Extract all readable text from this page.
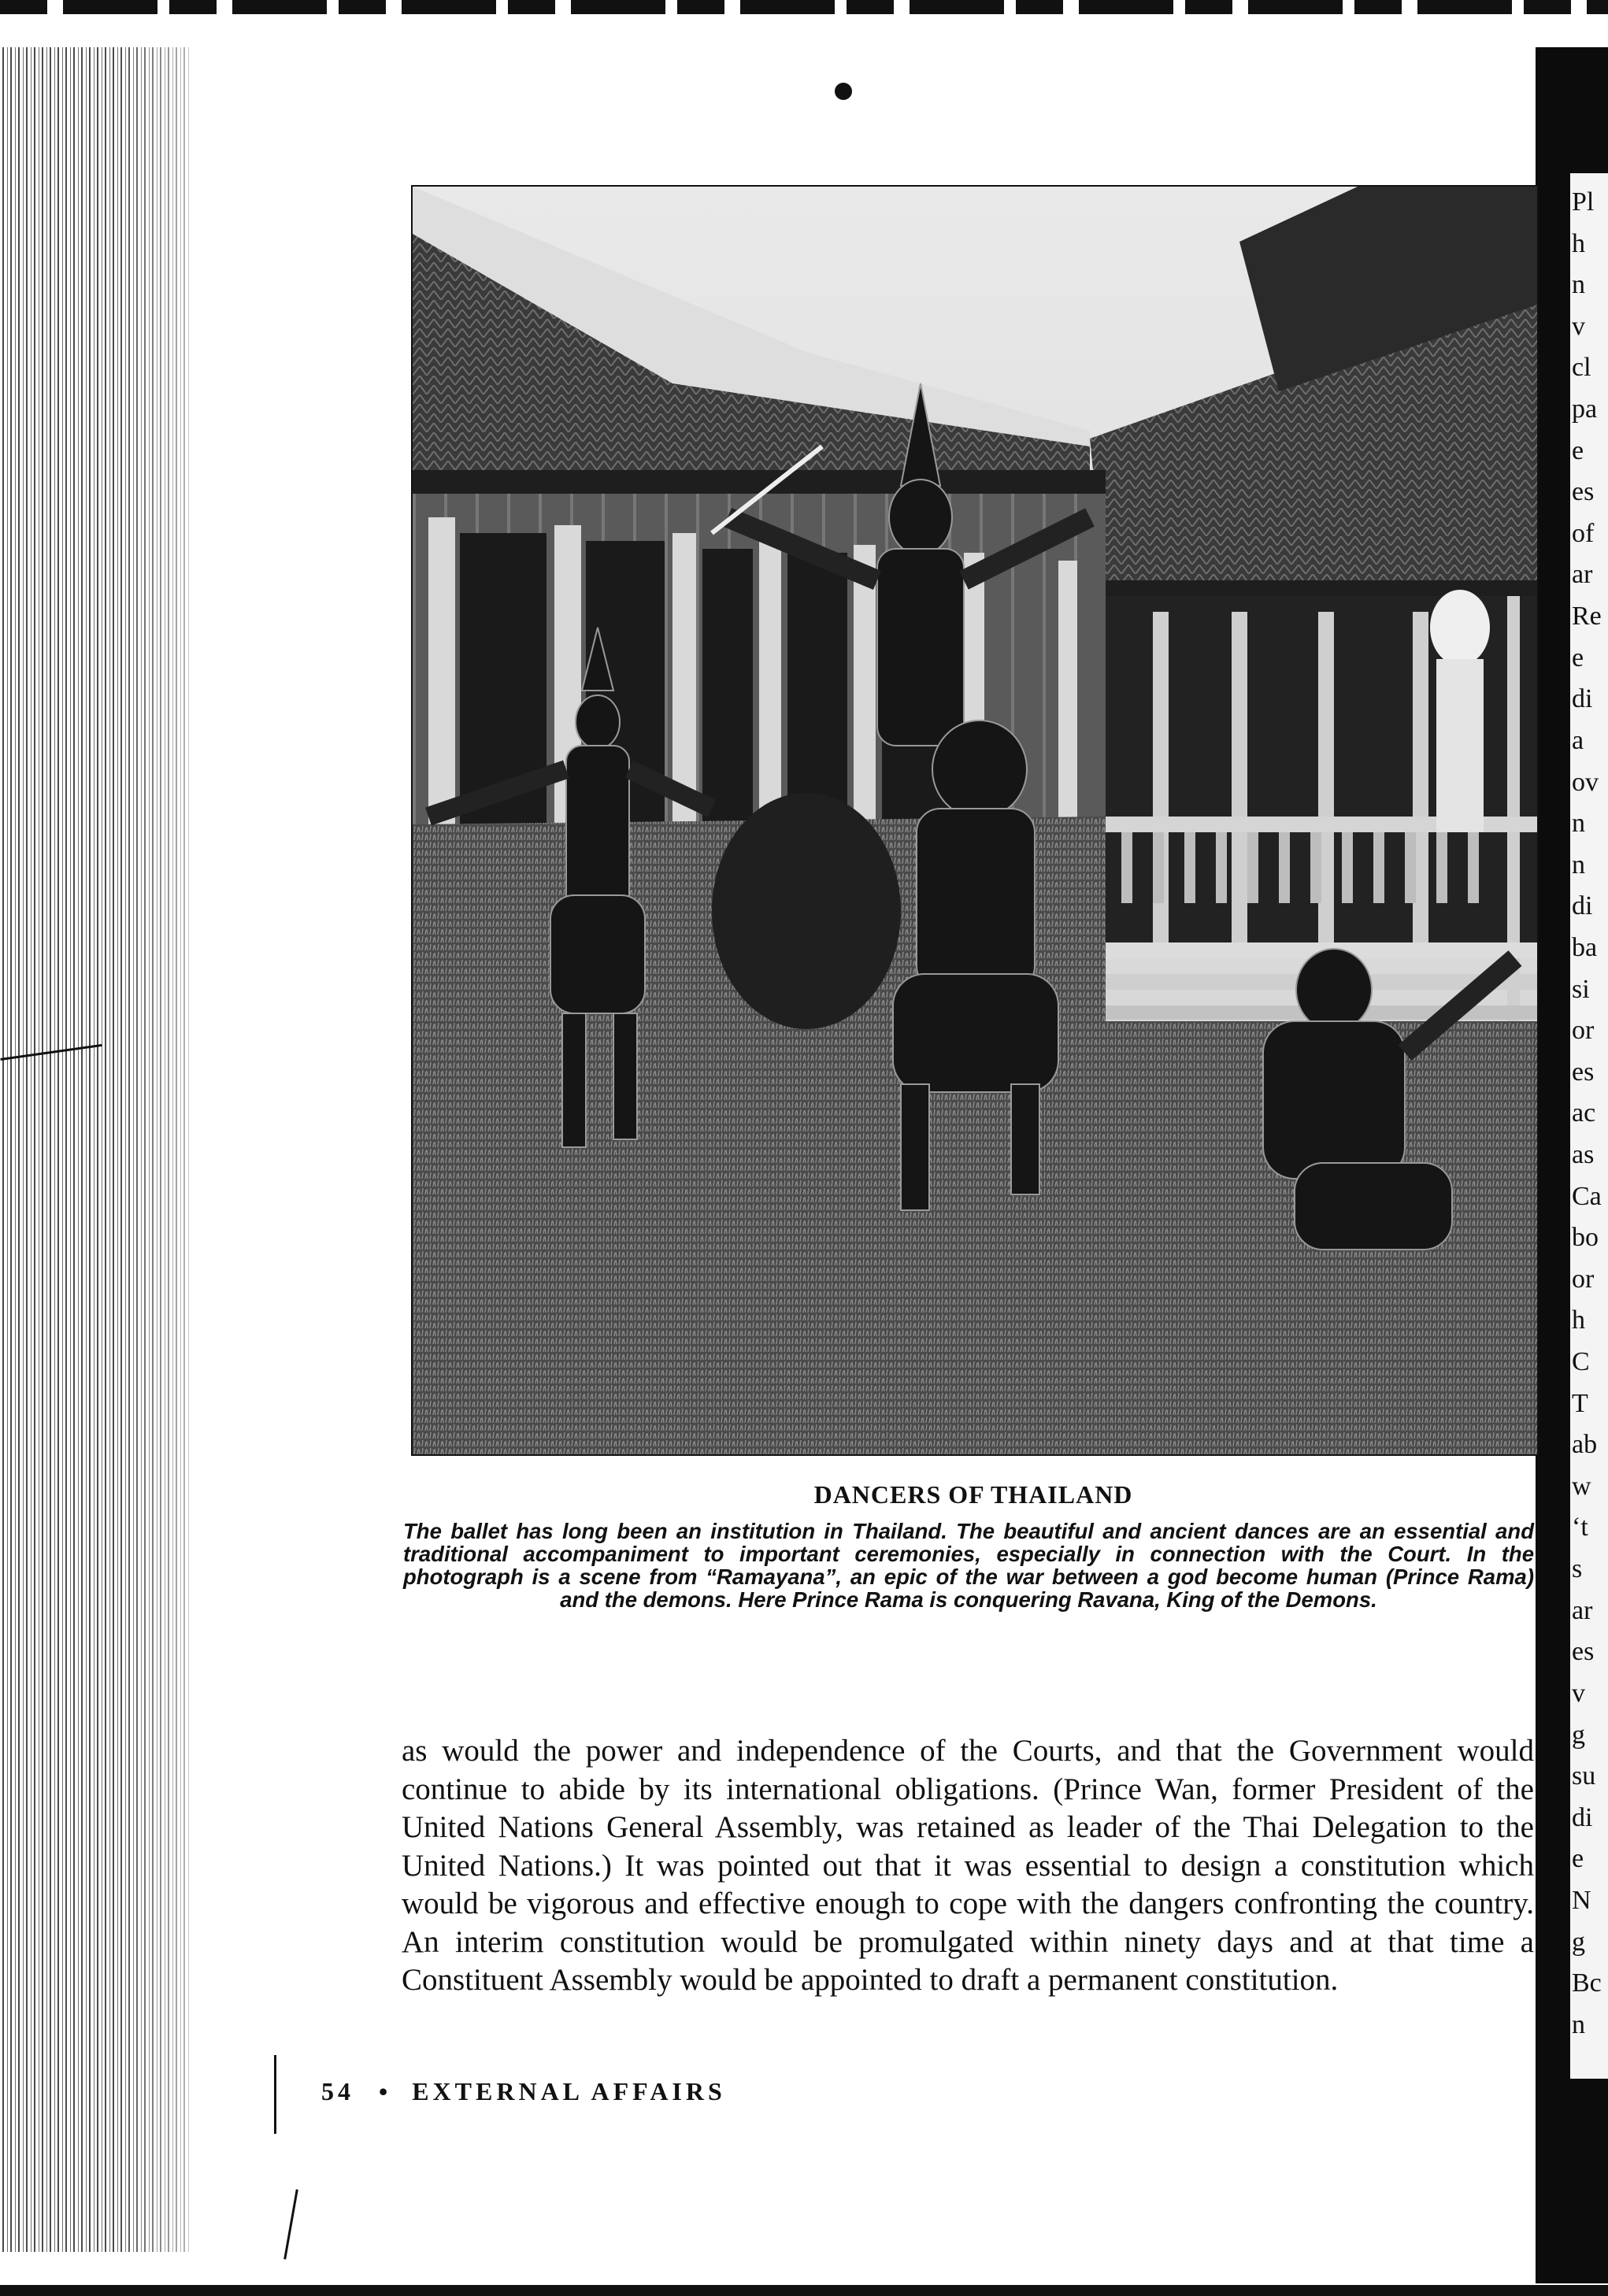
Pl
h
n
v
cl
pa
e
es
of
ar
Re
e
di
a
ov
n
n
di
ba
si
or
es
ac
as
Ca
bo
or
h
C
T
ab
w
‘t
s
ar
es
v
g
su
di
e
N
g
Bc
n
DANCERS OF THAILAND
The ballet has long been an institution in Thailand. The beautiful and ancient dances are an essential and traditional accompaniment to important ceremonies, especially in connection with the Court. In the photograph is a scene from “Ramayana”, an epic of the war between a god become human (Prince Rama) and the demons. Here Prince Rama is conquering Ravana, King of the Demons.
as would the power and independence of the Courts, and that the Government would continue to abide by its international obligations. (Prince Wan, former President of the United Nations General Assembly, was retained as leader of the Thai Delegation to the United Nations.) It was pointed out that it was essential to design a constitution which would be vigorous and effective enough to cope with the dangers confronting the country. An interim constitution would be promulgated within ninety days and at that time a Constituent Assembly would be appointed to draft a permanent constitution.
54 • EXTERNAL AFFAIRS
